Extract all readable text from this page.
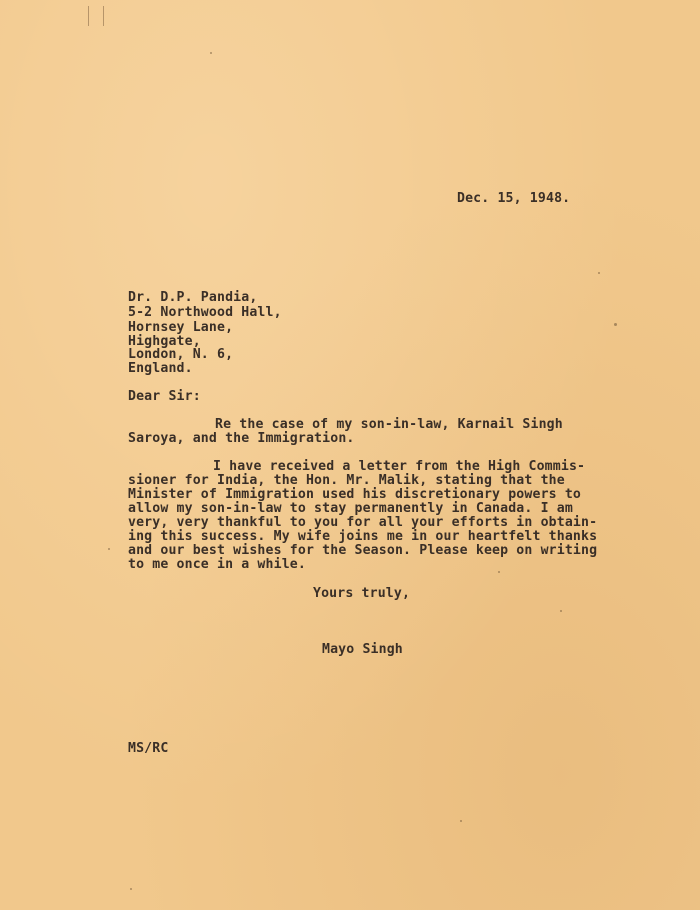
Dec. 15, 1948.
Dr. D.P. Pandia,
5-2 Northwood Hall,
Hornsey Lane,
Highgate,
London, N. 6,
England.
Dear Sir:
Re the case of my son-in-law, Karnail Singh
Saroya, and the Immigration.
I have received a letter from the High Commis-
sioner for India, the Hon. Mr. Malik, stating that the
Minister of Immigration used his discretionary powers to
allow my son-in-law to stay permanently in Canada. I am
very, very thankful to you for all your efforts in obtain-
ing this success. My wife joins me in our heartfelt thanks
and our best wishes for the Season. Please keep on writing
to me once in a while.
Yours truly,
Mayo Singh
MS/RC
